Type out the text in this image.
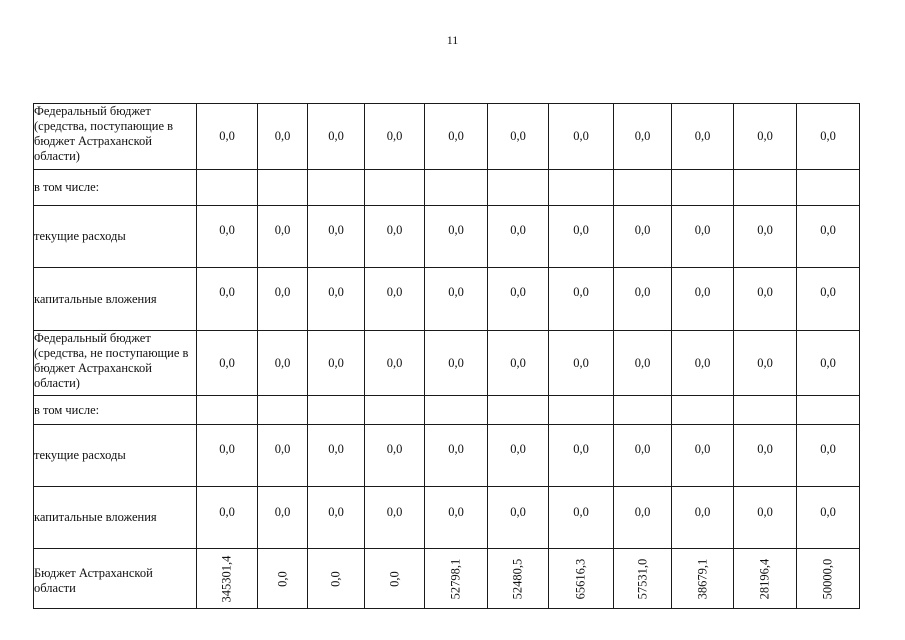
11
Федеральный бюджет (средства, поступающие в бюджет Астраханской области)	0,0	0,0	0,0	0,0	0,0	0,0	0,0	0,0	0,0	0,0	0,0
в том числе:											
текущие расходы	0,0	0,0	0,0	0,0	0,0	0,0	0,0	0,0	0,0	0,0	0,0
капитальные вложения	0,0	0,0	0,0	0,0	0,0	0,0	0,0	0,0	0,0	0,0	0,0
Федеральный бюджет (средства, не поступающие в бюджет Астраханской области)	0,0	0,0	0,0	0,0	0,0	0,0	0,0	0,0	0,0	0,0	0,0
в том числе:											
текущие расходы	0,0	0,0	0,0	0,0	0,0	0,0	0,0	0,0	0,0	0,0	0,0
капитальные вложения	0,0	0,0	0,0	0,0	0,0	0,0	0,0	0,0	0,0	0,0	0,0
Бюджет Астраханской области	345301,4	0,0	0,0	0,0	52798,1	52480,5	65616,3	57531,0	38679,1	28196,4	50000,0
